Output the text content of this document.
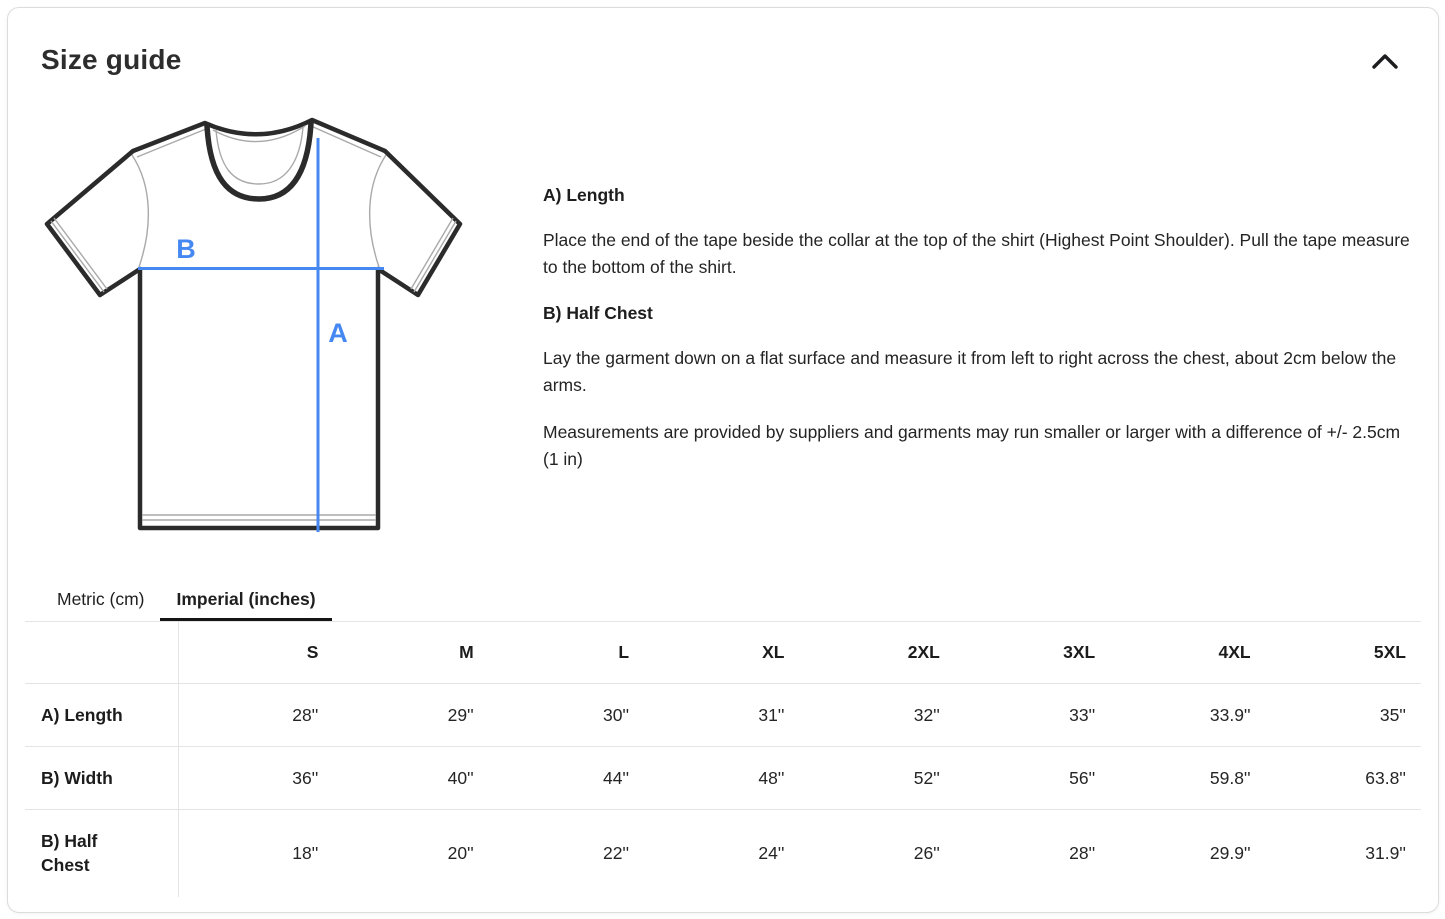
Size guide
B
A
A) Length

Place the end of the tape beside the collar at the top of the shirt (Highest Point Shoulder). Pull the tape measure to the bottom of the shirt.

B) Half Chest

Lay the garment down on a flat surface and measure it from left to right across the chest, about 2cm below the arms.

Measurements are provided by suppliers and garments may run smaller or larger with a difference of +/- 2.5cm (1 in)

Metric (cm)	Imperial (inches)
	S	M	L	XL	2XL	3XL	4XL	5XL
A) Length	28''	29''	30''	31''	32''	33''	33.9''	35''
B) Width	36''	40''	44''	48''	52''	56''	59.8''	63.8''
B) Half Chest	18''	20''	22''	24''	26''	28''	29.9''	31.9''
